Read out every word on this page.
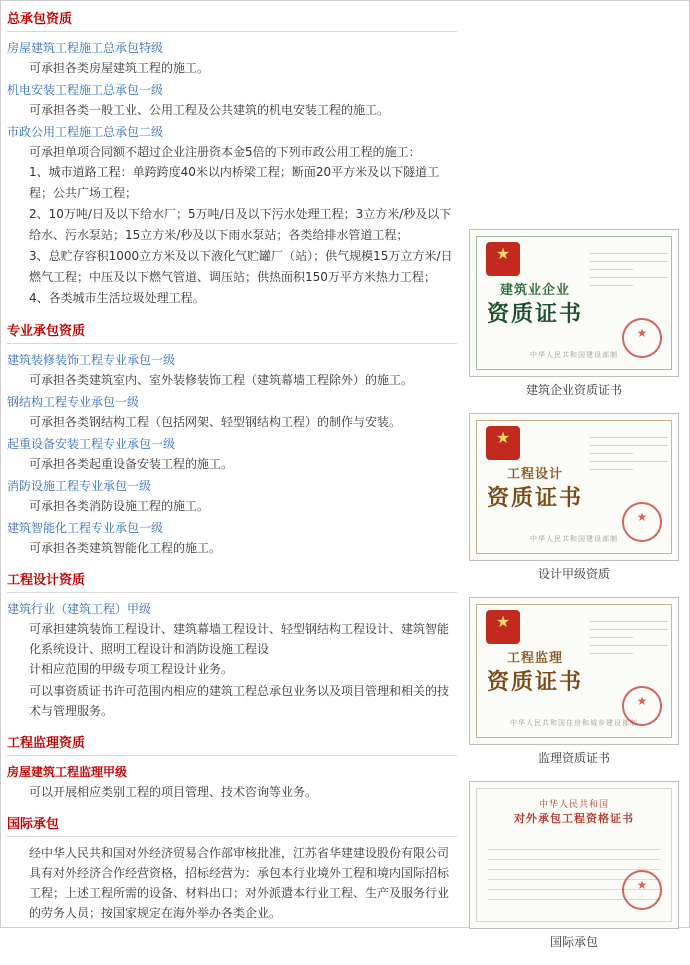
总承包资质
房屋建筑工程施工总承包特级

可承担各类房屋建筑工程的施工。

机电安装工程施工总承包一级

可承担各类一般工业、公用工程及公共建筑的机电安装工程的施工。

市政公用工程施工总承包二级

可承担单项合同额不超过企业注册资本金5倍的下列市政公用工程的施工：

1、城市道路工程：单跨跨度40米以内桥梁工程；断面20平方米及以下隧道工程；公共广场工程；

2、10万吨/日及以下给水厂；5万吨/日及以下污水处理工程；3立方米/秒及以下给水、污水泵站；15立方米/秒及以下雨水泵站；各类给排水管道工程；

3、总贮存容积1000立方米及以下液化气贮罐厂（站）；供气规模15万立方米/日燃气工程；中压及以下燃气管道、调压站；供热面积150万平方米热力工程；

4、各类城市生活垃圾处理工程。

专业承包资质
建筑装修装饰工程专业承包一级

可承担各类建筑室内、室外装修装饰工程（建筑幕墙工程除外）的施工。

钢结构工程专业承包一级

可承担各类钢结构工程（包括网架、轻型钢结构工程）的制作与安装。

起重设备安装工程专业承包一级

可承担各类起重设备安装工程的施工。

消防设施工程专业承包一级

可承担各类消防设施工程的施工。

建筑智能化工程专业承包一级

可承担各类建筑智能化工程的施工。

工程设计资质
建筑行业（建筑工程）甲级

可承担建筑装饰工程设计、建筑幕墙工程设计、轻型钢结构工程设计、建筑智能化系统设计、照明工程设计和消防设施工程设

计相应范围的甲级专项工程设计业务。

可以事资质证书许可范围内相应的建筑工程总承包业务以及项目管理和相关的技术与管理服务。

工程监理资质
房屋建筑工程监理甲级

可以开展相应类别工程的项目管理、技术咨询等业务。

国际承包

经中华人民共和国对外经济贸易合作部审核批准，江苏省华建建设股份有限公司具有对外经济合作经营资格，招标经营为：承包本行业境外工程和境内国际招标工程；上述工程所需的设备、材料出口；对外派遣本行业工程、生产及服务行业的劳务人员；按国家规定在海外举办各类企业。

★
建筑业企业
资质证书
中华人民共和国建设部制
★
建筑企业资质证书
★
工程设计
资质证书
中华人民共和国建设部制
★
设计甲级资质
★
工程监理
资质证书
中华人民共和国住房和城乡建设部制
★
监理资质证书
中华人民共和国
对外承包工程资格证书
★
国际承包
